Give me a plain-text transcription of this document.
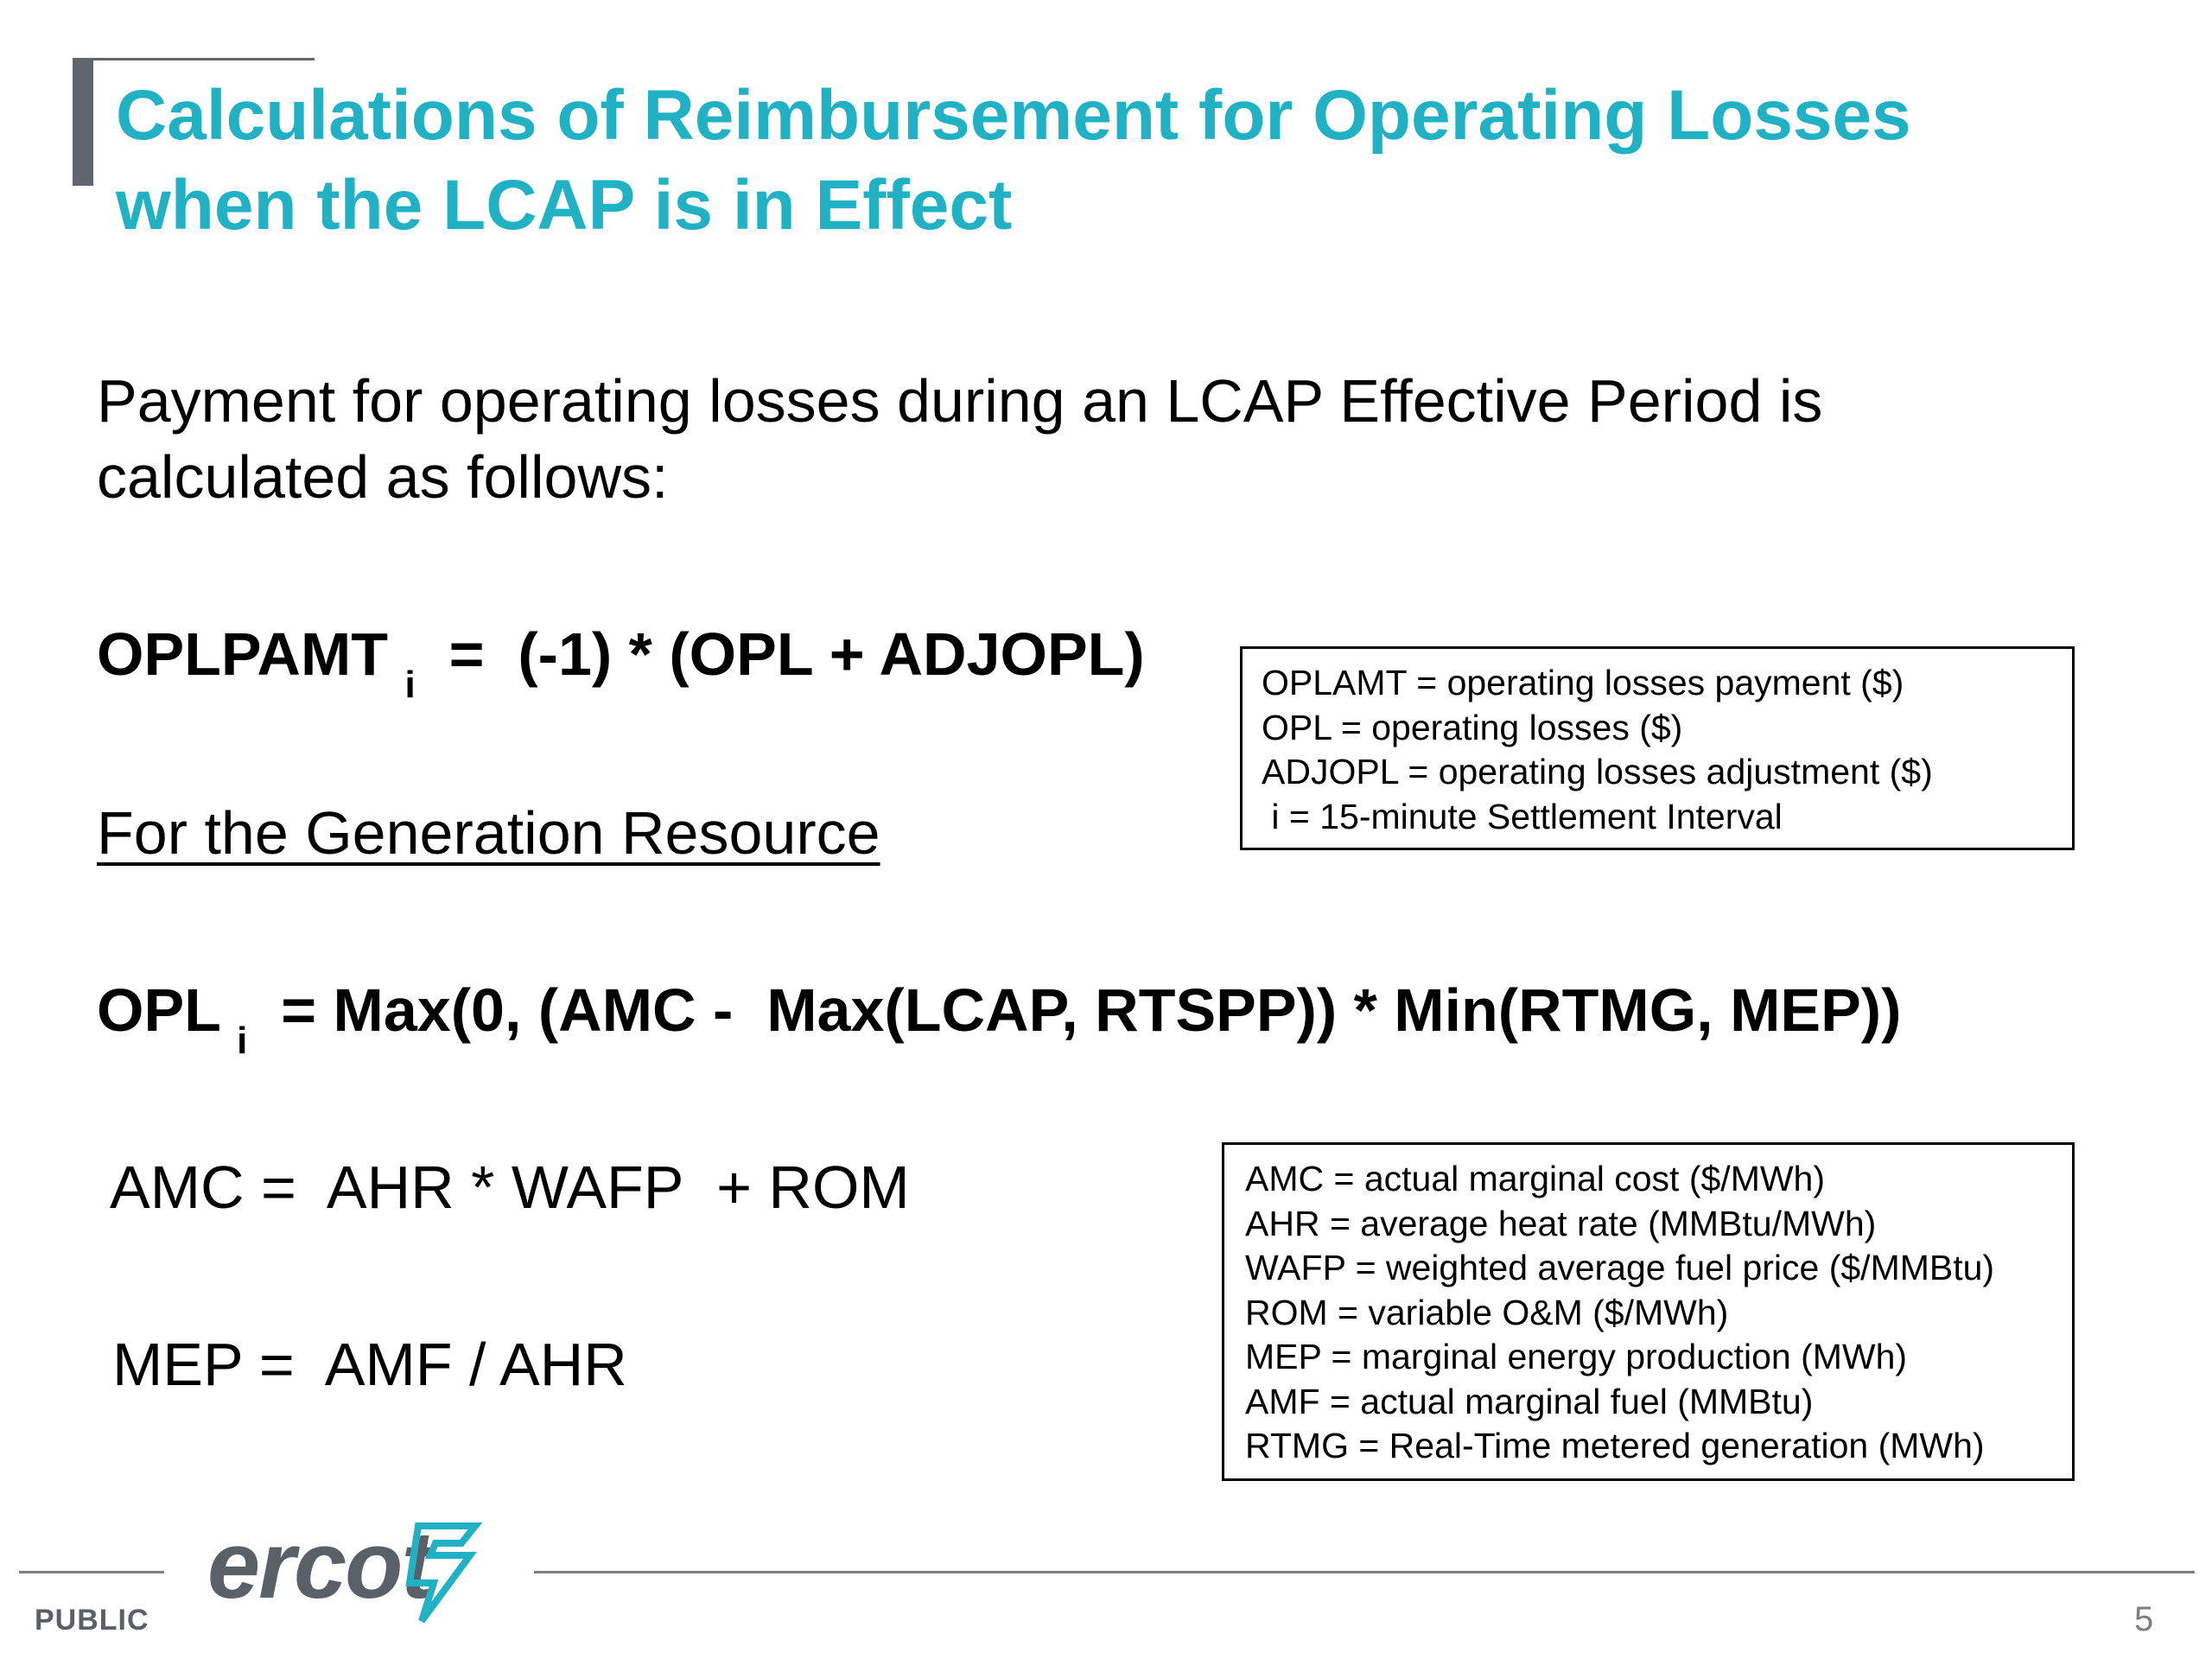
Calculations of Reimbursement for Operating Losses
when the LCAP is in Effect
Payment for operating losses during an LCAP Effective Period is
calculated as follows:
OPLPAMT $_i$  =  (-1) * (OPL + ADJOPL)	OPLAMT = operating losses payment ($)
OPL = operating losses ($)
ADJOPL = operating losses adjustment ($)
i = 15-minute Settlement Interval
For the Generation Resource
OPL $_i$  = Max(0, (AMC -  Max(LCAP, RTSPP)) * Min(RTMG, MEP))
AMC =  AHR * WAFP  + ROM
MEP =  AMF / AHR
AMC = actual marginal cost ($/MWh)
AHR = average heat rate (MMBtu/MWh)
WAFP = weighted average fuel price ($/MMBtu)
ROM = variable O&M ($/MWh)
MEP = marginal energy production (MWh)
AMF = actual marginal fuel (MMBtu)
RTMG = Real-Time metered generation (MWh)
ercot
PUBLIC	5
